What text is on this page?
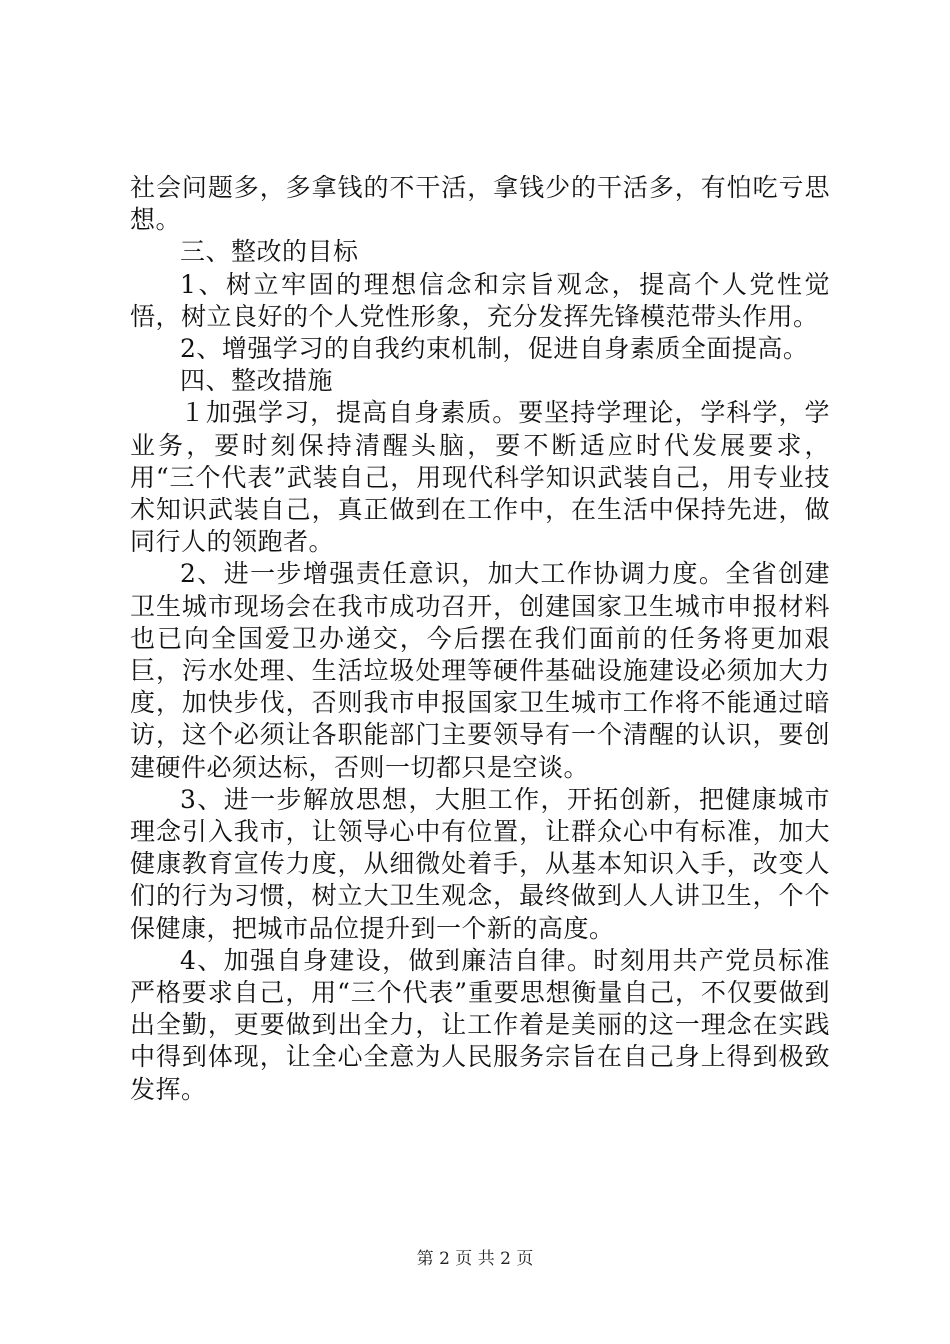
社会问题多，多拿钱的不干活，拿钱少的干活多，有怕吃亏思想。

三、整改的目标

1、树立牢固的理想信念和宗旨观念，提高个人党性觉悟，树立良好的个人党性形象，充分发挥先锋模范带头作用。

2、增强学习的自我约束机制，促进自身素质全面提高。

四、整改措施

１加强学习，提高自身素质。要坚持学理论，学科学，学业务，要时刻保持清醒头脑，要不断适应时代发展要求，用“三个代表”武装自己，用现代科学知识武装自己，用专业技术知识武装自己，真正做到在工作中，在生活中保持先进，做同行人的领跑者。

2、进一步增强责任意识，加大工作协调力度。全省创建卫生城市现场会在我市成功召开，创建国家卫生城市申报材料也已向全国爱卫办递交，今后摆在我们面前的任务将更加艰巨，污水处理、生活垃圾处理等硬件基础设施建设必须加大力度，加快步伐，否则我市申报国家卫生城市工作将不能通过暗访，这个必须让各职能部门主要领导有一个清醒的认识，要创建硬件必须达标，否则一切都只是空谈。

3、进一步解放思想，大胆工作，开拓创新，把健康城市理念引入我市，让领导心中有位置，让群众心中有标准，加大健康教育宣传力度，从细微处着手，从基本知识入手，改变人们的行为习惯，树立大卫生观念，最终做到人人讲卫生，个个保健康，把城市品位提升到一个新的高度。

4、加强自身建设，做到廉洁自律。时刻用共产党员标准严格要求自己，用“三个代表”重要思想衡量自己，不仅要做到出全勤，更要做到出全力，让工作着是美丽的这一理念在实践中得到体现，让全心全意为人民服务宗旨在自己身上得到极致发挥。

第 2 页 共 2 页
